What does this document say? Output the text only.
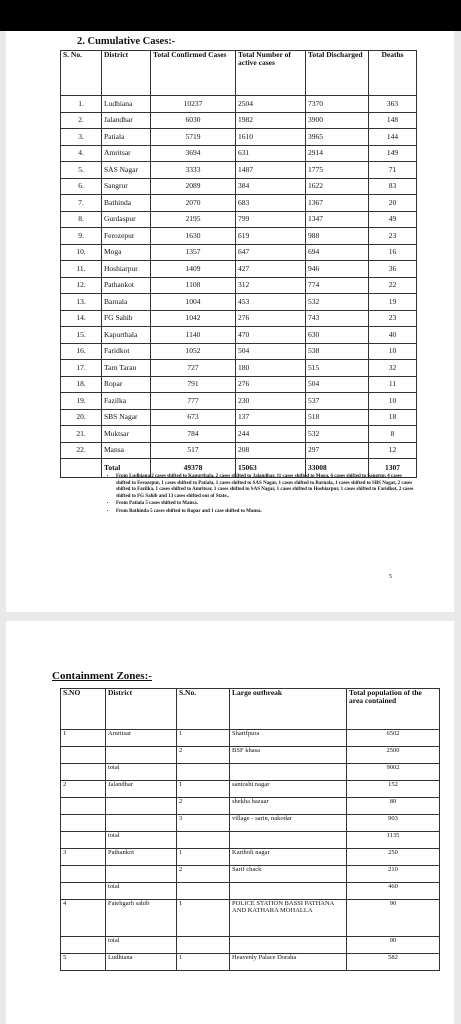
2. Cumulative Cases:-
S. No.	District	Total Confirmed Cases	Total Number of active cases	Total Discharged	Deaths
1.	Ludhiana	10237	2504	7370	363
2.	Jalandhar	6030	1982	3900	148
3.	Patiala	5719	1610	3965	144
4.	Amritsar	3694	631	2914	149
5.	SAS Nagar	3333	1487	1775	71
6.	Sangrur	2089	384	1622	83
7.	Bathinda	2070	683	1367	20
8.	Gurdaspur	2195	799	1347	49
9.	Ferozepur	1630	619	988	23
10.	Moga	1357	647	694	16
11.	Hoshiarpur	1409	427	946	36
12.	Pathankot	1108	312	774	22
13.	Barnala	1004	453	532	19
14.	FG Sahib	1042	276	743	23
15.	Kapurthala	1140	470	630	40
16.	Faridkot	1052	504	538	10
17.	Tarn Taran	727	180	515	32
18.	Ropar	791	276	504	11
19.	Fazilka	777	230	537	10
20.	SBS Nagar	673	137	518	18
21.	Muktsar	784	244	532	8
22.	Mansa	517	208	297	12
	Total	49378	15063	33008	1307
• From Ludhiana 2 cases shifted to Kapurthala, 2 cases shifted to Jalandhar, 11 cases shifted to Moga, 6 cases shifted to Sangrur, 4 cases shifted to Ferozepur, 1 cases shifted to Patiala, 1 cases shifted to SAS Nagar, 1 cases shifted to Barnala, 1 cases shifted to SBS Nagar, 2 cases shifted to Fazilka, 1 cases shifted to Amritsar, 1 cases shifted to SAS Nagar, 1 cases shifted to Hoshiarpur, 1 cases shifted to Faridkot, 2 cases shifted to FG Sahib and 13 cases shifted out of State..
• From Patiala 5 cases shifted to Mansa.
• From Bathinda 5 cases shifted to Ropar and 1 case shifted to Mansa.
5
Containment Zones:-
S.NO	District	S.No.	Large outbreak	Total population of the area contained
1	Amritsar	1	Sharifpura	6502
		2	BSF khasa	2500
	total			9002
2	Jalandhar	1	santoshi nagar	152
		2	shekha bazaar	80
		3	village - sarin, nakodar	903
	total			1135
3	Pathankot	1	Kartholi nagar	250
		2	Sarif chack	210
	total			460
4	Fatehgarh sahib	1	POLICE STATION BASSI PATHANA AND KATHARA MOHALLA	90
	total			90
5	Ludhiana	1	Heavenly Palace Doraha	582
